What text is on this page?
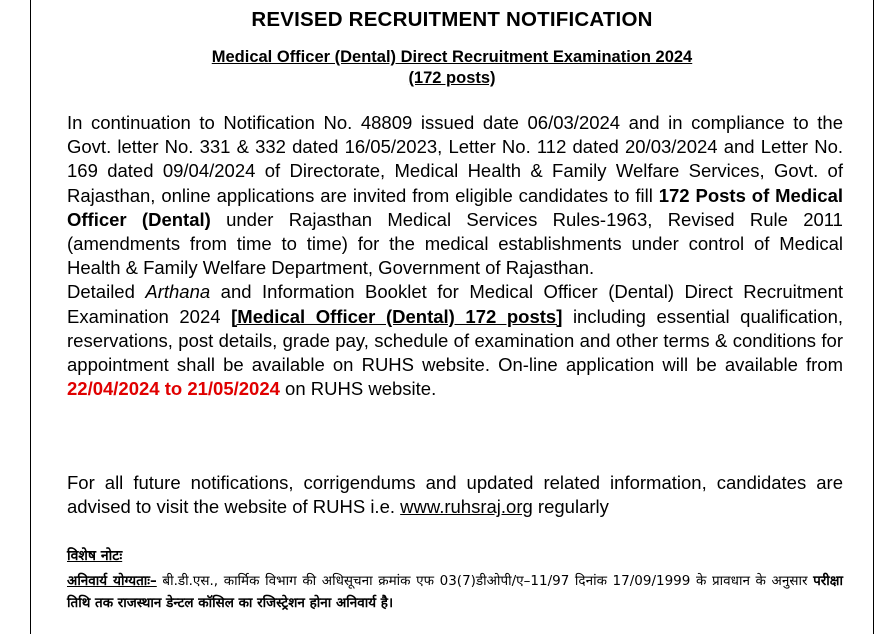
REVISED RECRUITMENT NOTIFICATION
Medical Officer (Dental) Direct Recruitment Examination 2024
(172 posts)
In continuation to Notification No. 48809 issued date 06/03/2024 and in compliance to the Govt. letter No. 331 & 332 dated 16/05/2023, Letter No. 112 dated 20/03/2024 and Letter No. 169 dated 09/04/2024 of Directorate, Medical Health & Family Welfare Services, Govt. of Rajasthan, online applications are invited from eligible candidates to fill 172 Posts of Medical Officer (Dental) under Rajasthan Medical Services Rules-1963, Revised Rule 2011 (amendments from time to time) for the medical establishments under control of Medical Health & Family Welfare Department, Government of Rajasthan.
Detailed Arthana and Information Booklet for Medical Officer (Dental) Direct Recruitment Examination 2024 [Medical Officer (Dental) 172 posts] including essential qualification, reservations, post details, grade pay, schedule of examination and other terms & conditions for appointment shall be available on RUHS website. On-line application will be available from 22/04/2024 to 21/05/2024 on RUHS website.
For all future notifications, corrigendums and updated related information, candidates are advised to visit the website of RUHS i.e. www.ruhsraj.org regularly
विशेष नोटः
अनिवार्य योग्यताः– बी.डी.एस., कार्मिक विभाग की अधिसूचना क्रमांक एफ 03(7)डीओपी/ए–11/97 दिनांक 17/09/1999 के प्रावधान के अनुसार परीक्षा तिथि तक राजस्थान डेन्टल कॉसिल का रजिस्ट्रेशन होना अनिवार्य है।
